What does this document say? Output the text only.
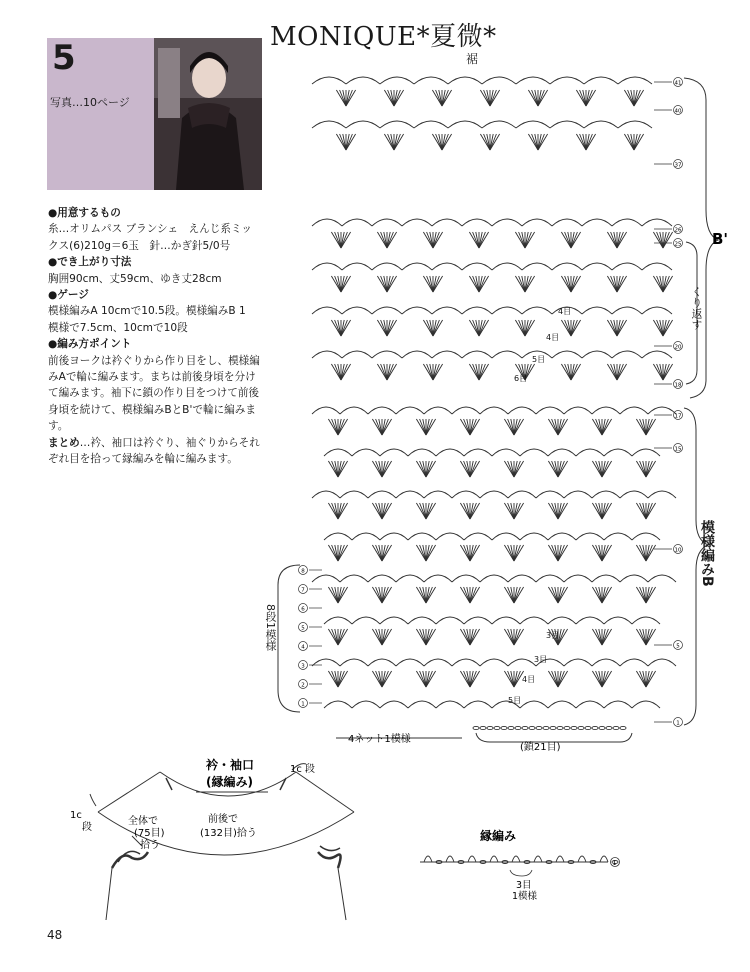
MONIQUE*夏微*
裾
5
写真…10ページ

●用意するもの

糸…オリムパス ブランシェ　えんじ系ミッ

クス(6)210g＝6玉　針…かぎ針5/0号

●でき上がり寸法

胸囲90cm、丈59cm、ゆき丈28cm

●ゲージ

模様編みA 10cmで10.5段。模様編みB 1

模様で7.5cm、10cmで10段

●編み方ポイント

前後ヨークは衿ぐりから作り目をし、模様編

みAで輪に編みます。まちは前後身頃を分け

て編みます。袖下に鎖の作り目をつけて前後

身頃を続けて、模様編みBとB'で輪に編みま

す。

まとめ…衿、袖口は衿ぐり、袖ぐりからそれ

ぞれ目を拾って縁編みを輪に編みます。

41
40
37
26
25
20
18
17
15
10
5
1
8
7
6
5
4
3
2
1
4目
4目
5目
6目
3目
3目
4目
5目
B'
4ネット1模様
(鎖21目)
くり返す
模様編みB
8段1模様
衿・袖口
(縁編み)
1c 段
1c
段
前後で
(132目)拾う
全体で
(75目)
拾う
縁編み
1
3目
1模様
48
